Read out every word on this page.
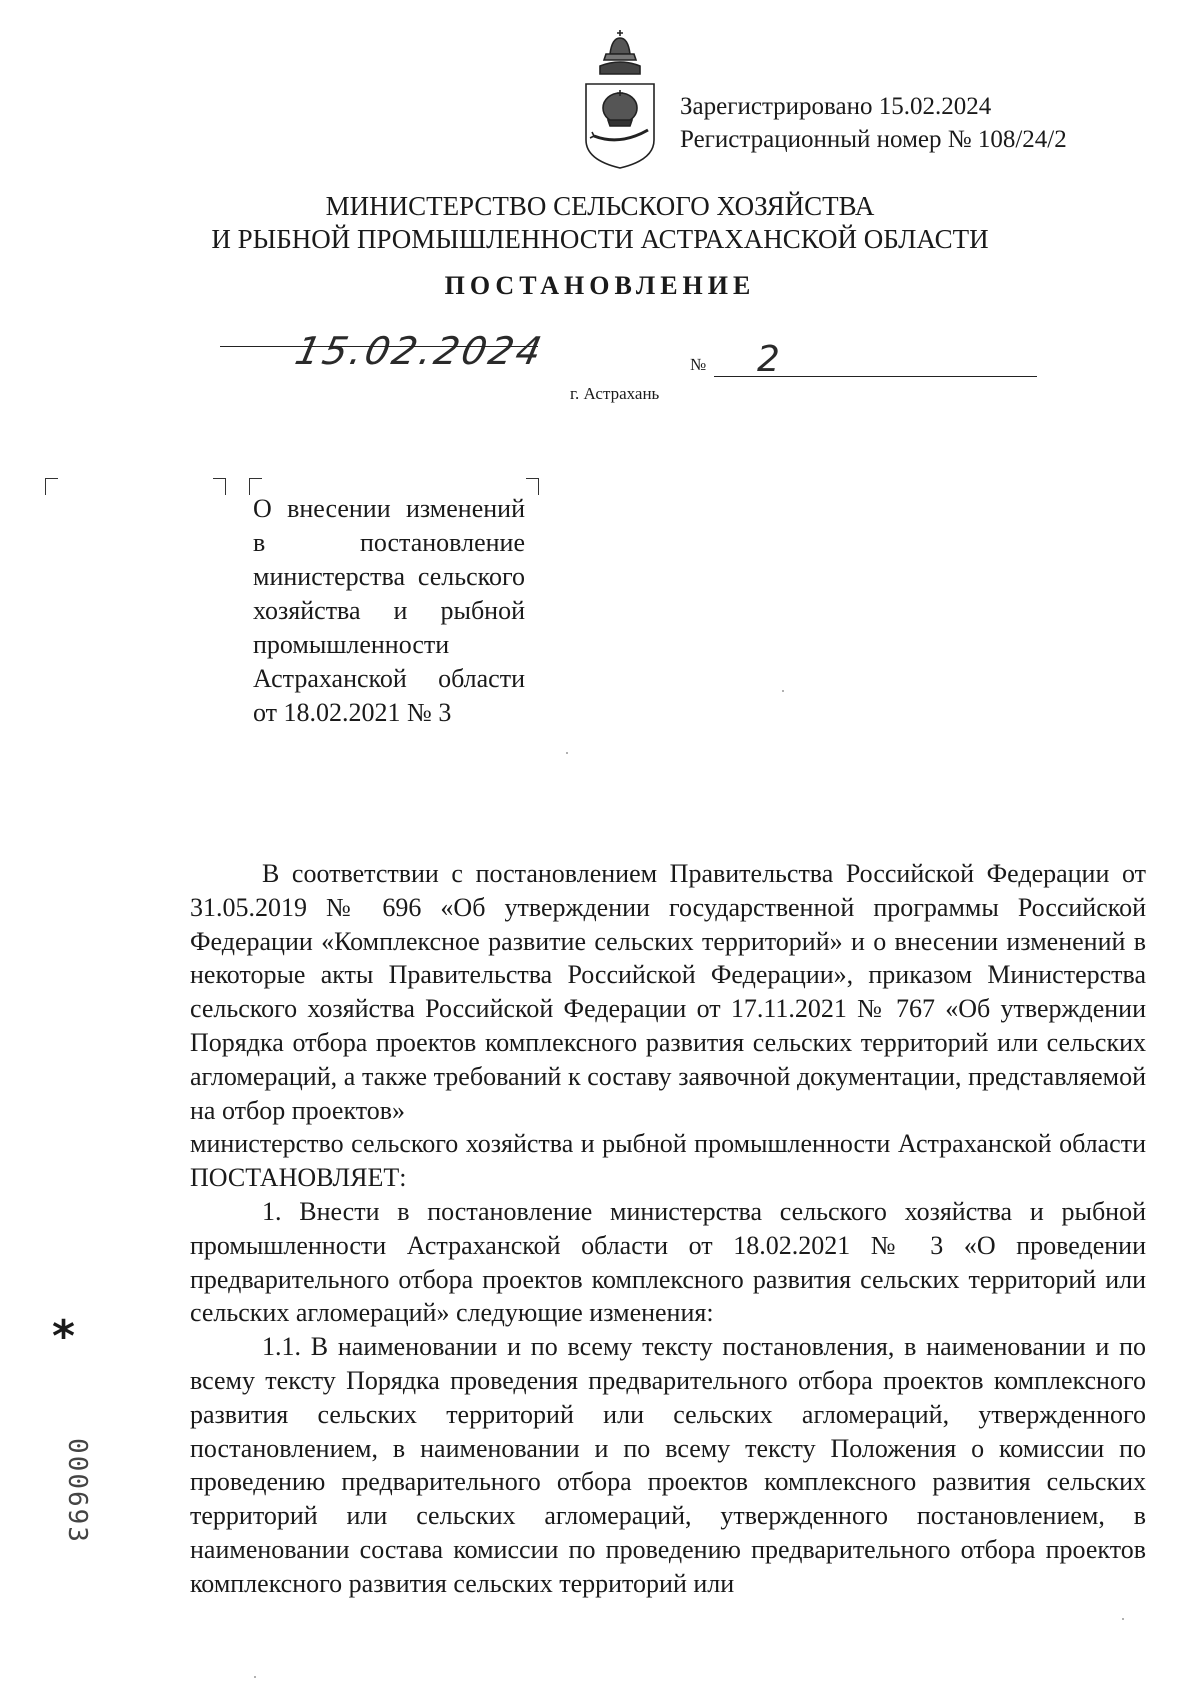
Зарегистрировано 15.02.2024
Регистрационный номер № 108/24/2
МИНИСТЕРСТВО СЕЛЬСКОГО ХОЗЯЙСТВА
И РЫБНОЙ ПРОМЫШЛЕННОСТИ АСТРАХАНСКОЙ ОБЛАСТИ
ПОСТАНОВЛЕНИЕ
15.02.2024	№ 2
г. Астрахань
О внесении изменений в постановление министерства сельского хозяйства и рыбной промышленности Астраханской области от 18.02.2021 № 3

В соответствии с постановлением Правительства Российской Федерации от 31.05.2019 № 696 «Об утверждении государственной программы Российской Федерации «Комплексное развитие сельских территорий» и о внесении изменений в некоторые акты Правительства Российской Федерации», приказом Министерства сельского хозяйства Российской Федерации от 17.11.2021 № 767 «Об утверждении Порядка отбора проектов комплексного развития сельских территорий или сельских агломераций, а также требований к составу заявочной документации, представляемой на отбор проектов»

министерство сельского хозяйства и рыбной промышленности Астраханской области ПОСТАНОВЛЯЕТ:

1. Внести в постановление министерства сельского хозяйства и рыбной промышленности Астраханской области от 18.02.2021 № 3 «О проведении предварительного отбора проектов комплексного развития сельских территорий или сельских агломераций» следующие изменения:

1.1. В наименовании и по всему тексту постановления, в наименовании и по всему тексту Порядка проведения предварительного отбора проектов комплексного развития сельских территорий или сельских агломераций, утвержденного постановлением, в наименовании и по всему тексту Положения о комиссии по проведению предварительного отбора проектов комплексного развития сельских территорий или сельских агломераций, утвержденного постановлением, в наименовании состава комиссии по проведению предварительного отбора проектов комплексного развития сельских территорий или

*
000693
